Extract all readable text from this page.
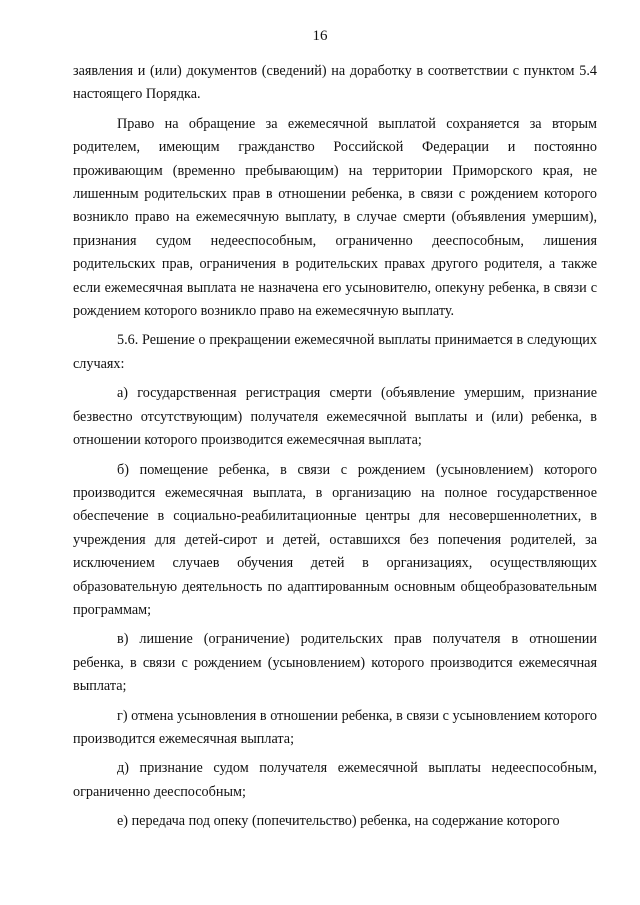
16

заявления и (или) документов (сведений) на доработку в соответствии с пунктом 5.4 настоящего Порядка.

Право на обращение за ежемесячной выплатой сохраняется за вторым родителем, имеющим гражданство Российской Федерации и постоянно проживающим (временно пребывающим) на территории Приморского края, не лишенным родительских прав в отношении ребенка, в связи с рождением которого возникло право на ежемесячную выплату, в случае смерти (объявления умершим), признания судом недееспособным, ограниченно дееспособным, лишения родительских прав, ограничения в родительских правах другого родителя, а также если ежемесячная выплата не назначена его усыновителю, опекуну ребенка, в связи с рождением которого возникло право на ежемесячную выплату.

5.6. Решение о прекращении ежемесячной выплаты принимается в следующих случаях:

а) государственная регистрация смерти (объявление умершим, признание безвестно отсутствующим) получателя ежемесячной выплаты и (или) ребенка, в отношении которого производится ежемесячная выплата;

б) помещение ребенка, в связи с рождением (усыновлением) которого производится ежемесячная выплата, в организацию на полное государственное обеспечение в социально-реабилитационные центры для несовершеннолетних, в учреждения для детей-сирот и детей, оставшихся без попечения родителей, за исключением случаев обучения детей в организациях, осуществляющих образовательную деятельность по адаптированным основным общеобразовательным программам;

в) лишение (ограничение) родительских прав получателя в отношении ребенка, в связи с рождением (усыновлением) которого производится ежемесячная выплата;

г) отмена усыновления в отношении ребенка, в связи с усыновлением которого производится ежемесячная выплата;

д) признание судом получателя ежемесячной выплаты недееспособным, ограниченно дееспособным;

е) передача под опеку (попечительство) ребенка, на содержание которого
